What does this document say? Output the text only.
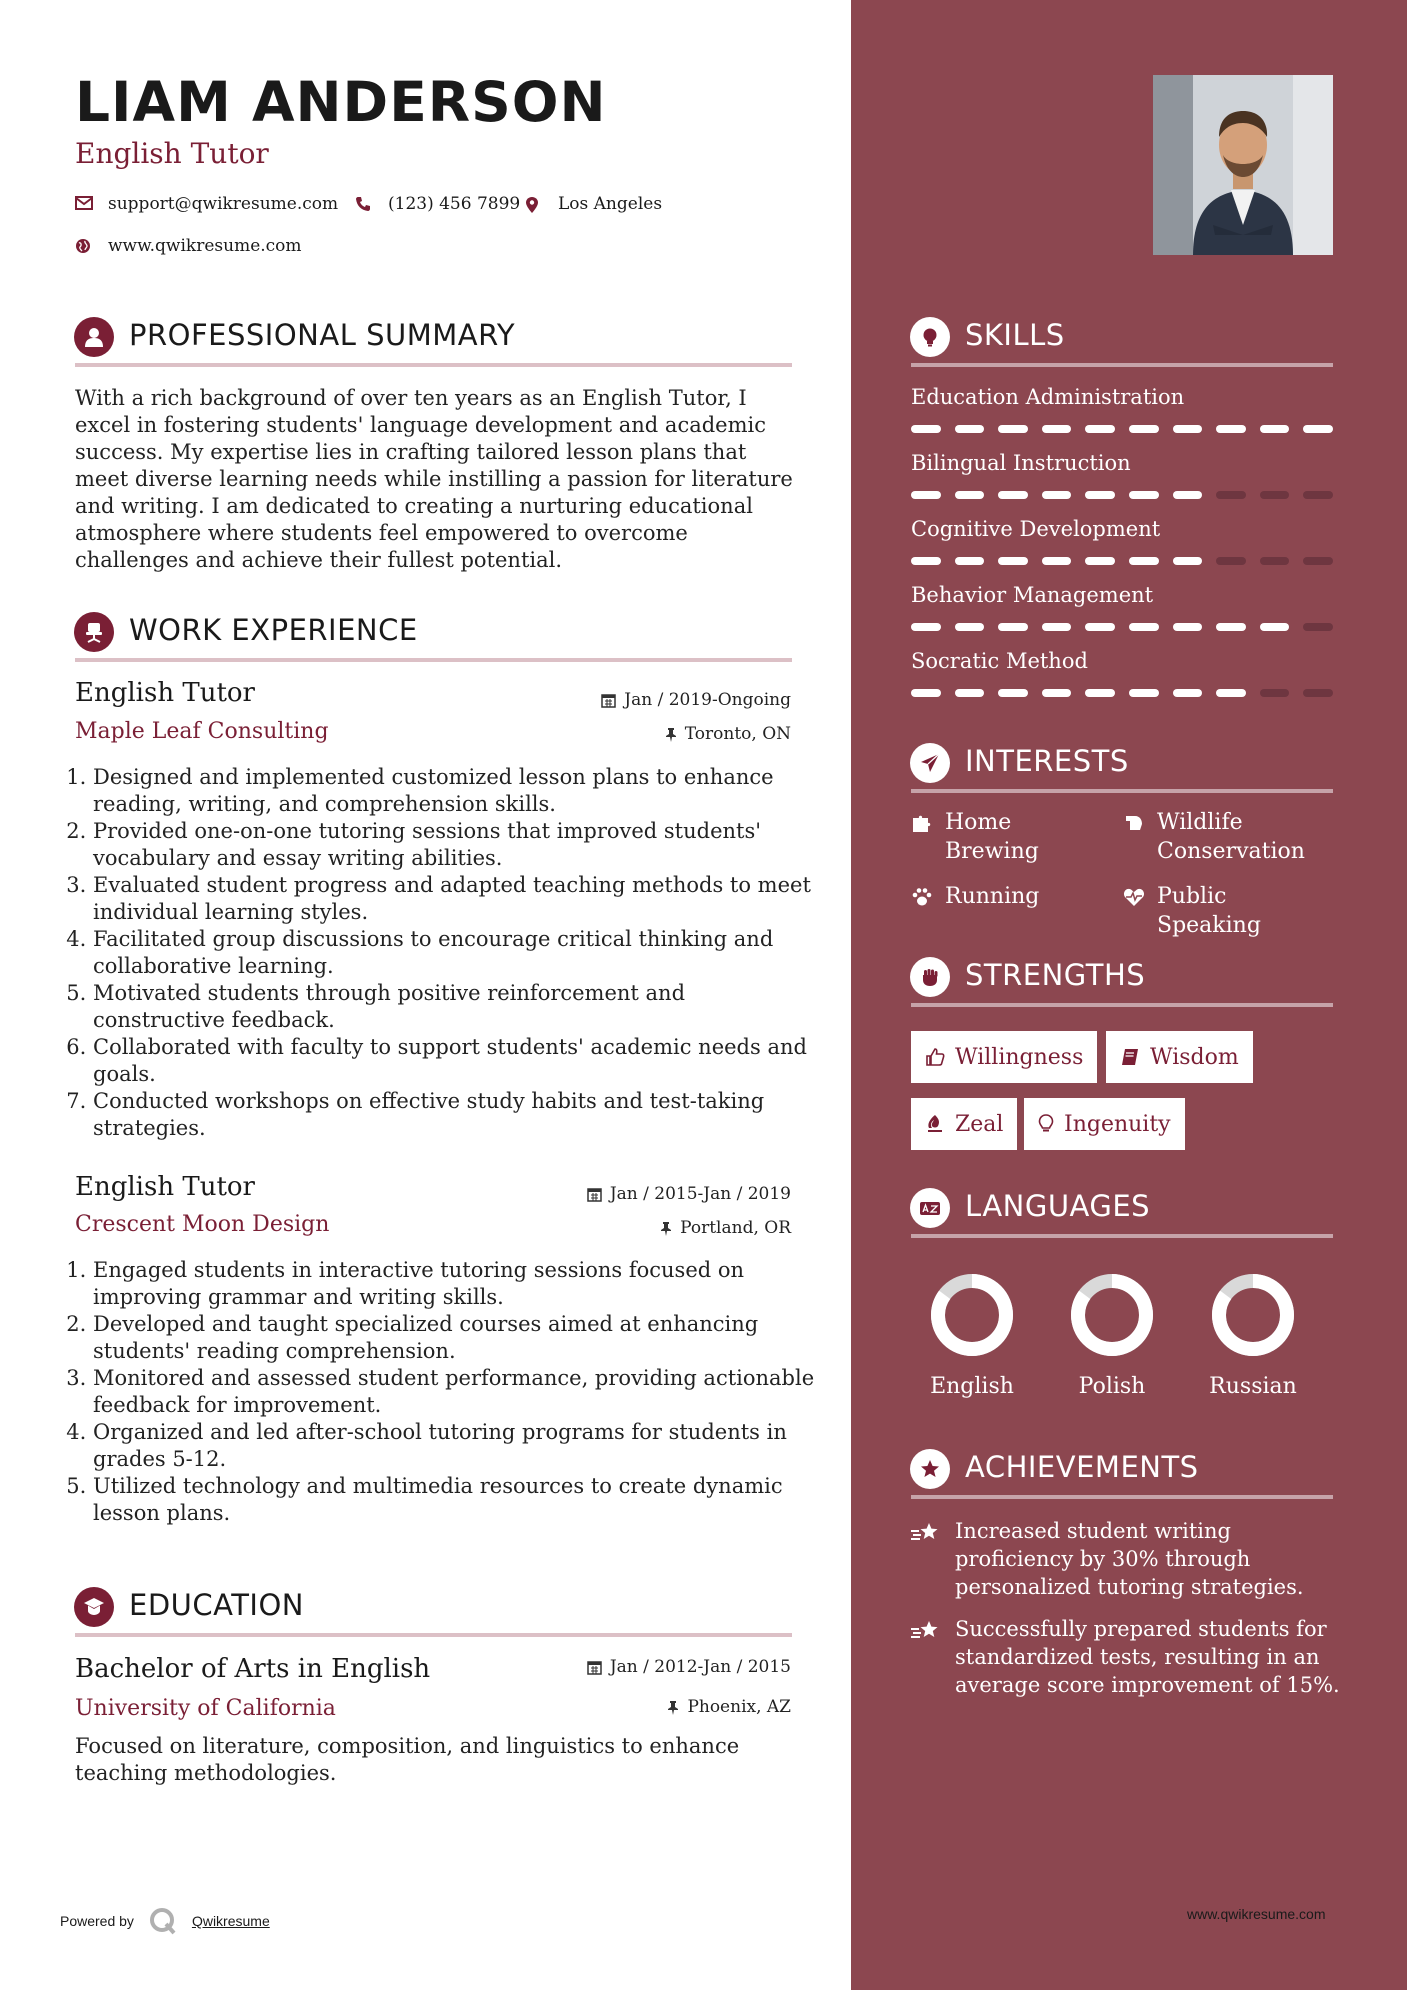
LIAM ANDERSON
English Tutor
support@qwikresume.com	(123) 456 7899 Los Angeles
www.qwikresume.com
PROFESSIONAL SUMMARY
With a rich background of over ten years as an English Tutor, I excel in fostering students' language development and academic success. My expertise lies in crafting tailored lesson plans that meet diverse learning needs while instilling a passion for literature and writing. I am dedicated to creating a nurturing educational atmosphere where students feel empowered to overcome challenges and achieve their fullest potential.
WORK EXPERIENCE
English Tutor	Jan / 2019-Ongoing
Maple Leaf Consulting	Toronto, ON
1. Designed and implemented customized lesson plans to enhance reading, writing, and comprehension skills.
2. Provided one-on-one tutoring sessions that improved students' vocabulary and essay writing abilities.
3. Evaluated student progress and adapted teaching methods to meet individual learning styles.
4. Facilitated group discussions to encourage critical thinking and collaborative learning.
5. Motivated students through positive reinforcement and constructive feedback.
6. Collaborated with faculty to support students' academic needs and goals.
7. Conducted workshops on effective study habits and test-taking strategies.
English Tutor	Jan / 2015-Jan / 2019
Crescent Moon Design	Portland, OR
1. Engaged students in interactive tutoring sessions focused on improving grammar and writing skills.
2. Developed and taught specialized courses aimed at enhancing students' reading comprehension.
3. Monitored and assessed student performance, providing actionable feedback for improvement.
4. Organized and led after-school tutoring programs for students in grades 5-12.
5. Utilized technology and multimedia resources to create dynamic lesson plans.
EDUCATION
Bachelor of Arts in English	Jan / 2012-Jan / 2015
University of California	Phoenix, AZ
Focused on literature, composition, and linguistics to enhance teaching methodologies.
SKILLS
Education Administration
Bilingual Instruction
Cognitive Development
Behavior Management
Socratic Method
INTERESTS
Home Brewing
Wildlife Conservation
Running	Public Speaking
STRENGTHS
Willingness	Wisdom
Zeal	Ingenuity
LANGUAGES
English	Polish	Russian
ACHIEVEMENTS
Increased student writing proficiency by 30% through personalized tutoring strategies.
Successfully prepared students for standardized tests, resulting in an average score improvement of 15%.
Powered by	Qwikresume	www.qwikresume.com
